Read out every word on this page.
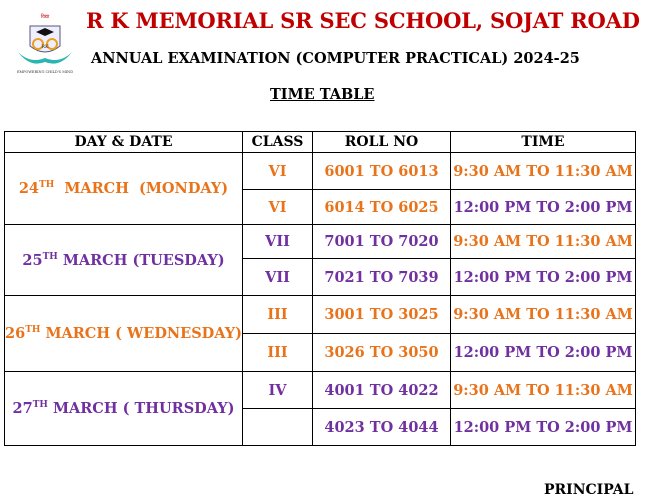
विद्या
RK
EMPOWERING CHILD'S MIND
R K MEMORIAL SR SEC SCHOOL, SOJAT ROAD
ANNUAL EXAMINATION (COMPUTER PRACTICAL) 2024-25
TIME TABLE
DAY & DATE	CLASS	ROLL NO	TIME
24TH  MARCH  (MONDAY)	VI	6001 TO 6013	9:30 AM TO 11:30 AM
	VI	6014 TO 6025	12:00 PM TO 2:00 PM
25TH MARCH (TUESDAY)	VII	7001 TO 7020	9:30 AM TO 11:30 AM
	VII	7021 TO 7039	12:00 PM TO 2:00 PM
26TH MARCH ( WEDNESDAY)	III	3001 TO 3025	9:30 AM TO 11:30 AM
	III	3026 TO 3050	12:00 PM TO 2:00 PM
27TH MARCH ( THURSDAY)	IV	4001 TO 4022	9:30 AM TO 11:30 AM
		4023 TO 4044	12:00 PM TO 2:00 PM
PRINCIPAL
